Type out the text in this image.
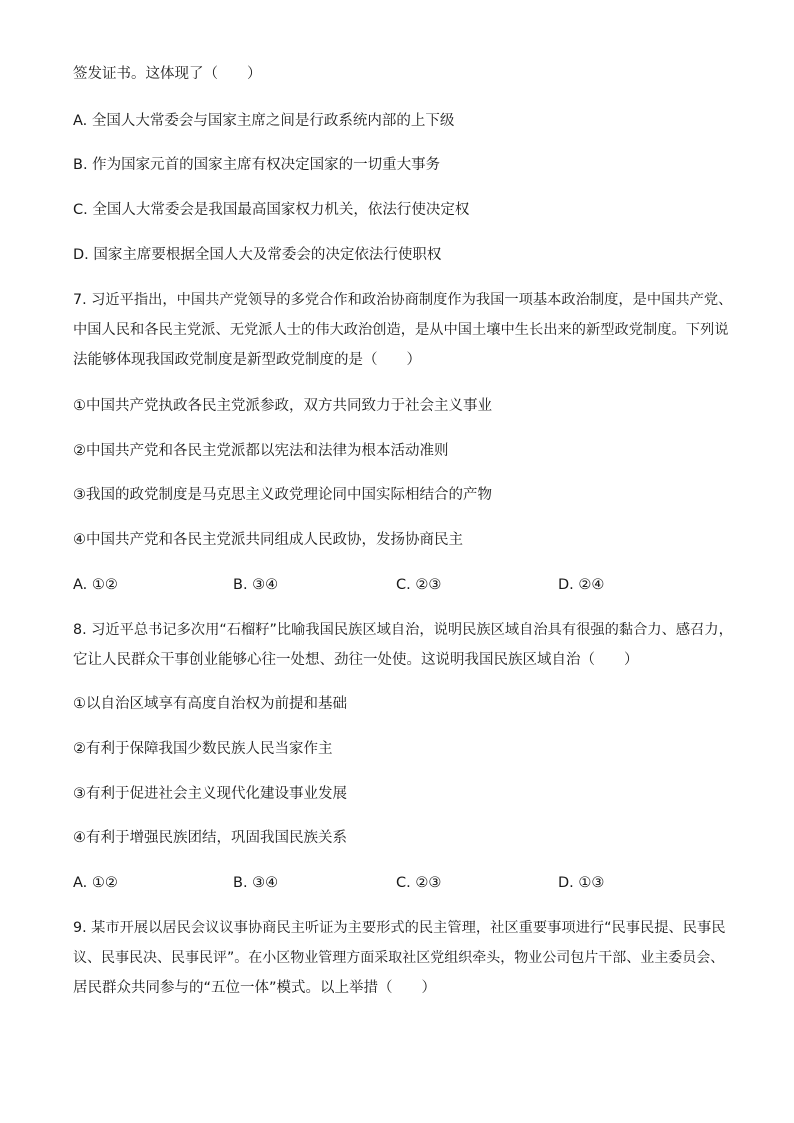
签发证书。这体现了（　　）
A. 全国人大常委会与国家主席之间是行政系统内部的上下级
B. 作为国家元首的国家主席有权决定国家的一切重大事务
C. 全国人大常委会是我国最高国家权力机关，依法行使决定权
D. 国家主席要根据全国人大及常委会的决定依法行使职权
7. 习近平指出，中国共产党领导的多党合作和政治协商制度作为我国一项基本政治制度，是中国共产党、
中国人民和各民主党派、无党派人士的伟大政治创造，是从中国土壤中生长出来的新型政党制度。下列说
法能够体现我国政党制度是新型政党制度的是（　　）
①中国共产党执政各民主党派参政，双方共同致力于社会主义事业
②中国共产党和各民主党派都以宪法和法律为根本活动准则
③我国的政党制度是马克思主义政党理论同中国实际相结合的产物
④中国共产党和各民主党派共同组成人民政协，发扬协商民主
A. ①②	B. ③④	C. ②③	D. ②④
8. 习近平总书记多次用“石榴籽”比喻我国民族区域自治，说明民族区域自治具有很强的黏合力、感召力，
它让人民群众干事创业能够心往一处想、劲往一处使。这说明我国民族区域自治（　　）
①以自治区域享有高度自治权为前提和基础
②有利于保障我国少数民族人民当家作主
③有利于促进社会主义现代化建设事业发展
④有利于增强民族团结，巩固我国民族关系
A. ①②	B. ③④	C. ②③	D. ①③
9. 某市开展以居民会议议事协商民主听证为主要形式的民主管理，社区重要事项进行“民事民提、民事民
议、民事民决、民事民评”。在小区物业管理方面采取社区党组织牵头，物业公司包片干部、业主委员会、
居民群众共同参与的“五位一体”模式。以上举措（　　）
